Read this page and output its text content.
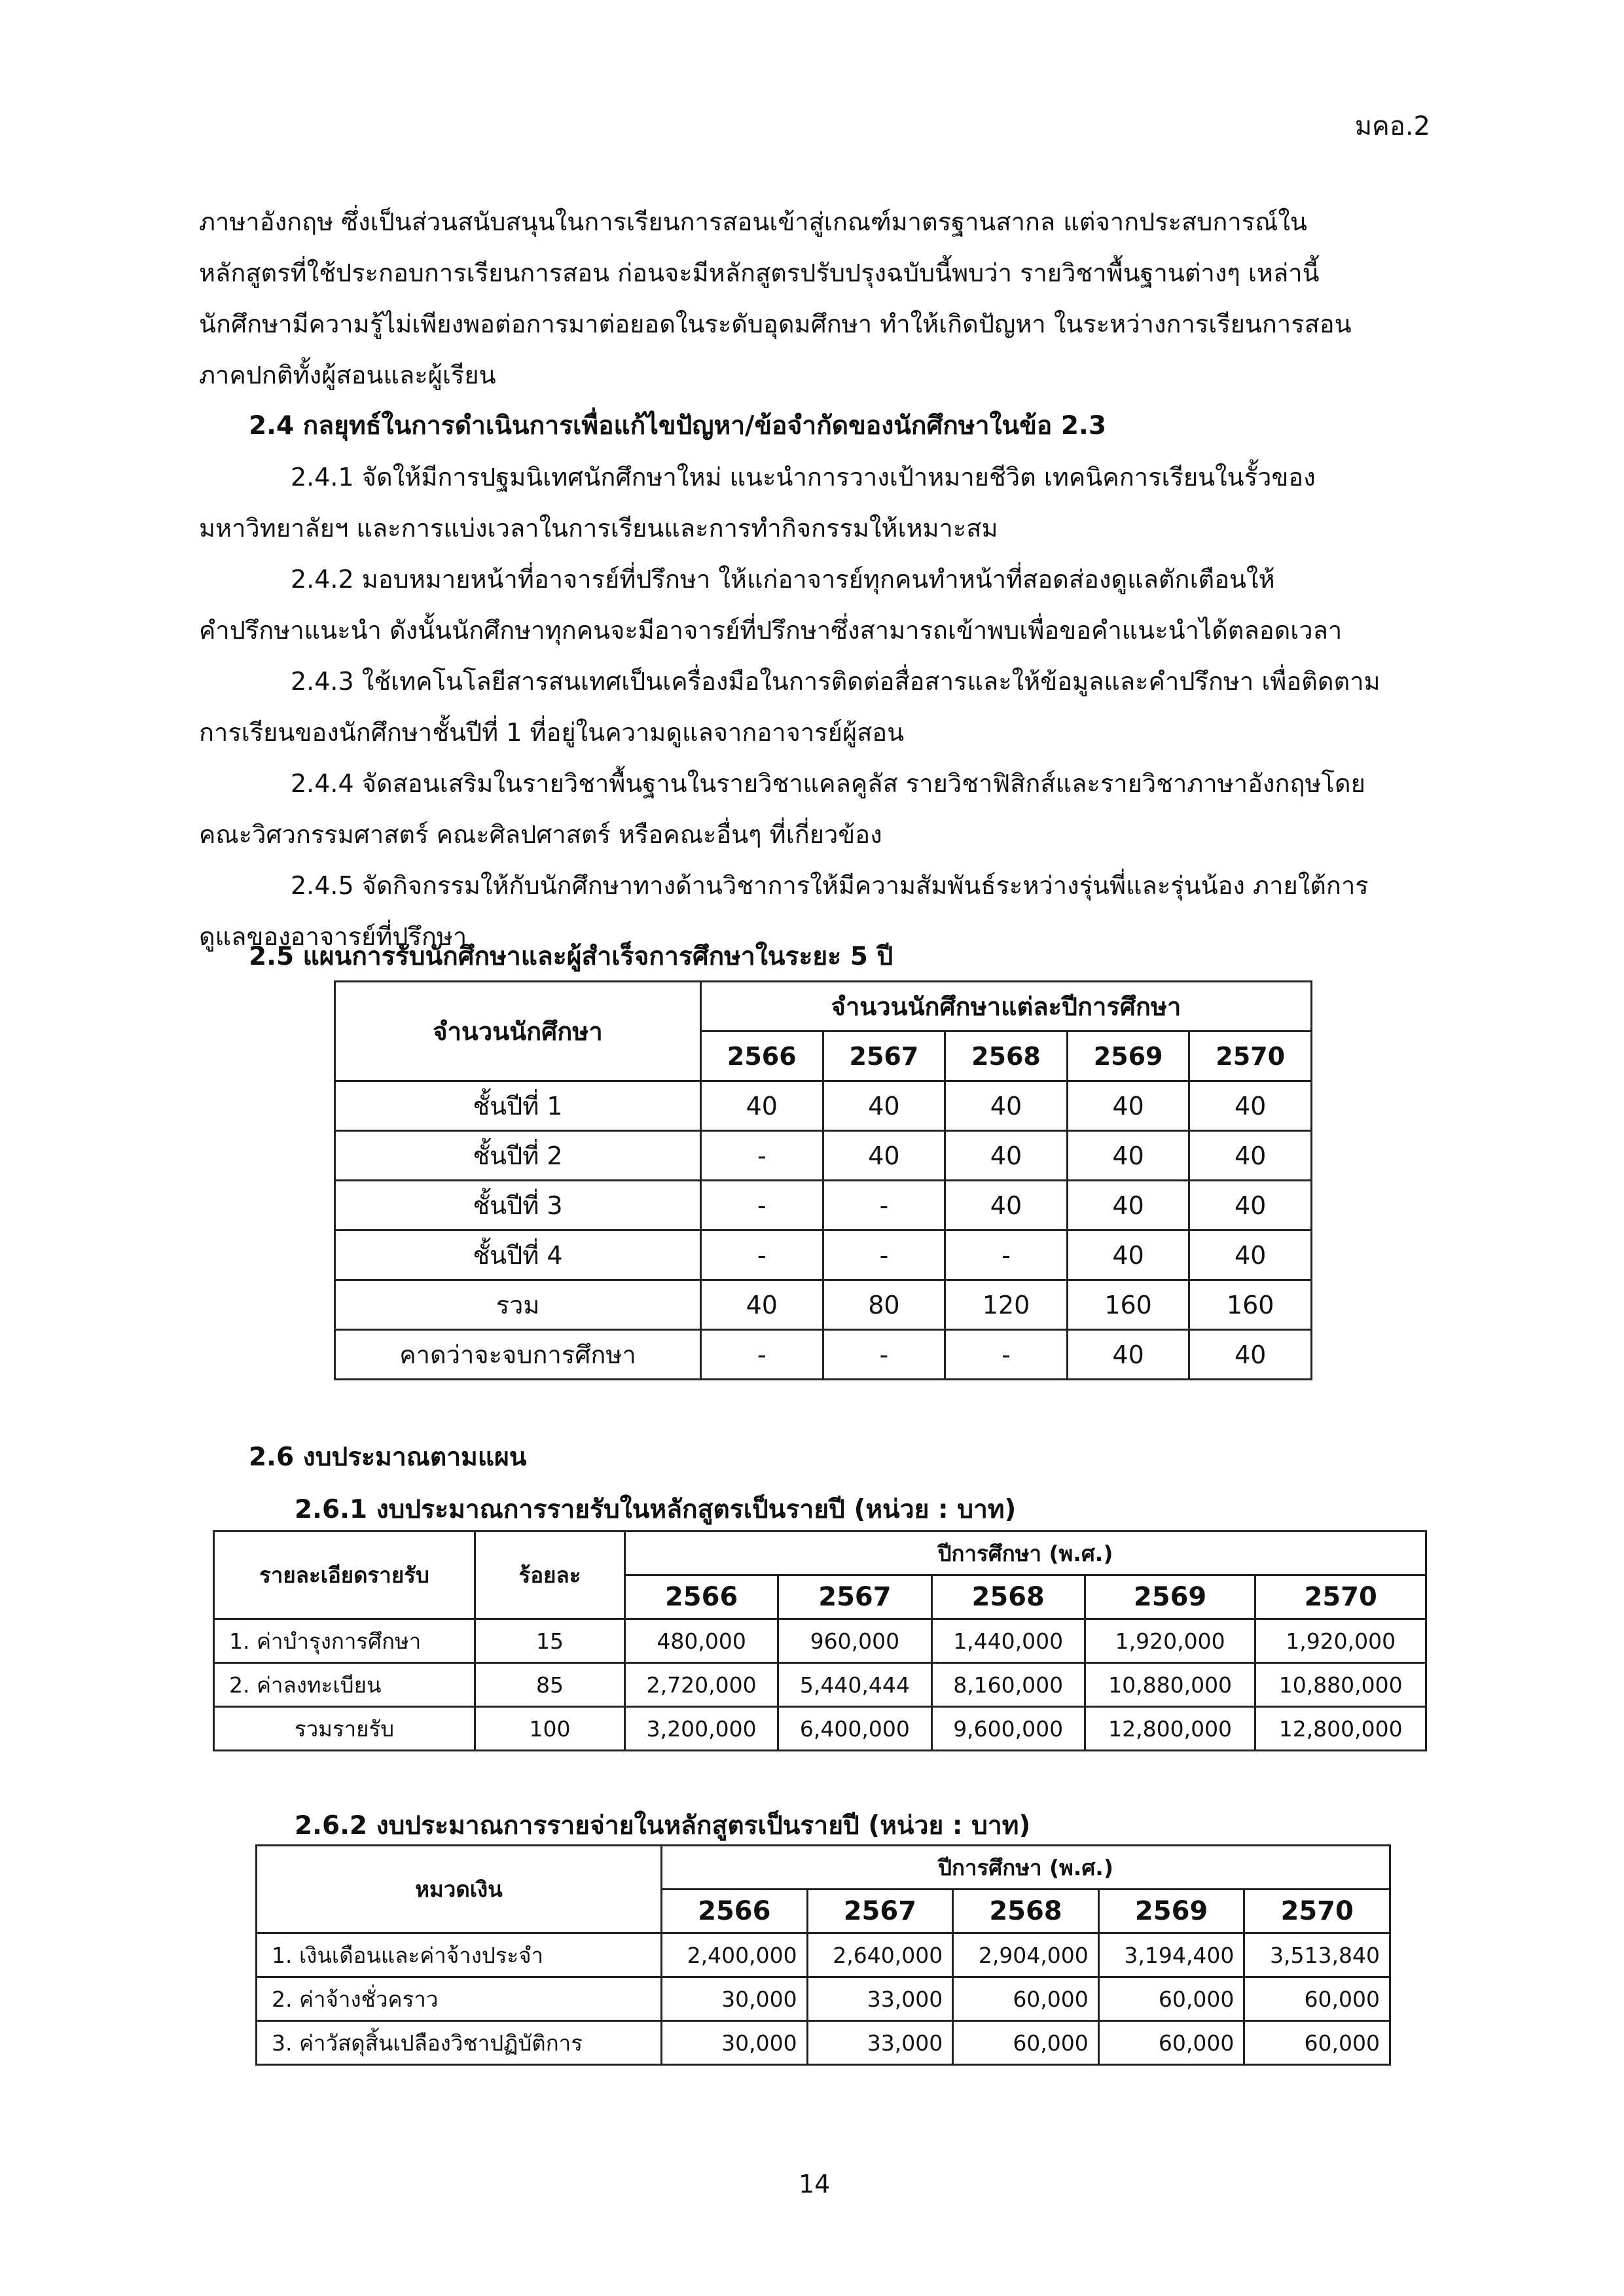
มคอ.2

ภาษาอังกฤษ ซึ่งเป็นส่วนสนับสนุนในการเรียนการสอนเข้าสู่เกณฑ์มาตรฐานสากล แต่จากประสบการณ์ใน

หลักสูตรที่ใช้ประกอบการเรียนการสอน ก่อนจะมีหลักสูตรปรับปรุงฉบับนี้พบว่า รายวิชาพื้นฐานต่างๆ เหล่านี้

นักศึกษามีความรู้ไม่เพียงพอต่อการมาต่อยอดในระดับอุดมศึกษา ทำให้เกิดปัญหา ในระหว่างการเรียนการสอน

ภาคปกติทั้งผู้สอนและผู้เรียน

2.4 กลยุทธ์ในการดำเนินการเพื่อแก้ไขปัญหา/ข้อจำกัดของนักศึกษาในข้อ 2.3

2.4.1 จัดให้มีการปฐมนิเทศนักศึกษาใหม่ แนะนำการวางเป้าหมายชีวิต เทคนิคการเรียนในรั้วของ

มหาวิทยาลัยฯ และการแบ่งเวลาในการเรียนและการทำกิจกรรมให้เหมาะสม

2.4.2 มอบหมายหน้าที่อาจารย์ที่ปรึกษา ให้แก่อาจารย์ทุกคนทำหน้าที่สอดส่องดูแลตักเตือนให้

คำปรึกษาแนะนำ ดังนั้นนักศึกษาทุกคนจะมีอาจารย์ที่ปรึกษาซึ่งสามารถเข้าพบเพื่อขอคำแนะนำได้ตลอดเวลา

2.4.3 ใช้เทคโนโลยีสารสนเทศเป็นเครื่องมือในการติดต่อสื่อสารและให้ข้อมูลและคำปรึกษา เพื่อติดตาม

การเรียนของนักศึกษาชั้นปีที่ 1 ที่อยู่ในความดูแลจากอาจารย์ผู้สอน

2.4.4 จัดสอนเสริมในรายวิชาพื้นฐานในรายวิชาแคลคูลัส รายวิชาฟิสิกส์และรายวิชาภาษาอังกฤษโดย

คณะวิศวกรรมศาสตร์ คณะศิลปศาสตร์ หรือคณะอื่นๆ ที่เกี่ยวข้อง

2.4.5 จัดกิจกรรมให้กับนักศึกษาทางด้านวิชาการให้มีความสัมพันธ์ระหว่างรุ่นพี่และรุ่นน้อง ภายใต้การ

ดูแลของอาจารย์ที่ปรึกษา

2.5 แผนการรับนักศึกษาและผู้สำเร็จการศึกษาในระยะ 5 ปี
จำนวนนักศึกษา	จำนวนนักศึกษาแต่ละปีการศึกษา				
	2566	2567	2568	2569	2570
ชั้นปีที่ 1	40	40	40	40	40
ชั้นปีที่ 2	-	40	40	40	40
ชั้นปีที่ 3	-	-	40	40	40
ชั้นปีที่ 4	-	-	-	40	40
รวม	40	80	120	160	160
คาดว่าจะจบการศึกษา	-	-	-	40	40
2.6 งบประมาณตามแผน
2.6.1 งบประมาณการรายรับในหลักสูตรเป็นรายปี (หน่วย : บาท)
รายละเอียดรายรับ	ร้อยละ	ปีการศึกษา (พ.ศ.)				
		2566	2567	2568	2569	2570
1. ค่าบำรุงการศึกษา	15	480,000	960,000	1,440,000	1,920,000	1,920,000
2. ค่าลงทะเบียน	85	2,720,000	5,440,444	8,160,000	10,880,000	10,880,000
รวมรายรับ	100	3,200,000	6,400,000	9,600,000	12,800,000	12,800,000
2.6.2 งบประมาณการรายจ่ายในหลักสูตรเป็นรายปี (หน่วย : บาท)
หมวดเงิน	ปีการศึกษา (พ.ศ.)				
	2566	2567	2568	2569	2570
1. เงินเดือนและค่าจ้างประจำ	2,400,000	2,640,000	2,904,000	3,194,400	3,513,840
2. ค่าจ้างชั่วคราว	30,000	33,000	60,000	60,000	60,000
3. ค่าวัสดุสิ้นเปลืองวิชาปฏิบัติการ	30,000	33,000	60,000	60,000	60,000
14
